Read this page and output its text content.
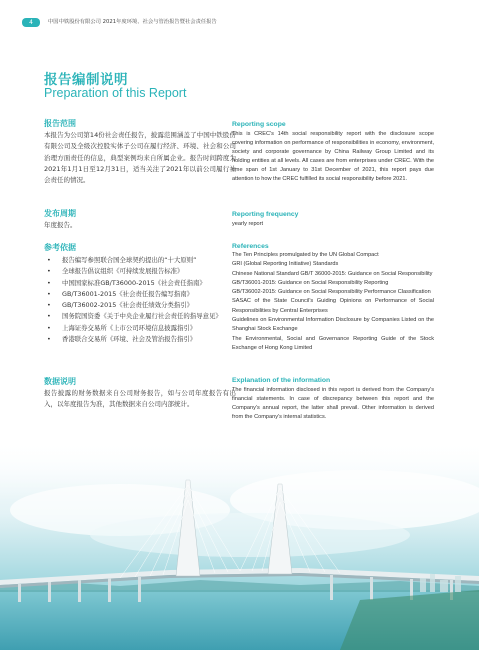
4	中国中铁股份有限公司 2021年度环境、社会与管治报告暨社会责任报告
报告编制说明
Preparation of this Report
报告范围
本报告为公司第14份社会责任报告，披露范围涵盖了中国中铁股份有限公司及全级次控股实体子公司在履行经济、环境、社会和公司治理方面责任的信息，典型案例均来自所属企业。报告时间跨度为2021年1月1日至12月31日，适当关注了2021年以前公司履行社会责任的情况。
Reporting scope
This is CREC's 14th social responsibility report with the disclosure scope covering information on performance of responsibilities in economy, environment, society and corporate governance by China Railway Group Limited and its holding entities at all levels. All cases are from enterprises under CREC. With the time span of 1st January to 31st December of 2021, this report pays due attention to how the CREC fulfilled its social responsibility before 2021.
发布周期
年度报告。
Reporting frequency
yearly report
参考依据
• 报告编写参照联合国全球契约提出的“十大原则”
• 全球报告倡议组织《可持续发展报告标准》
• 中国国家标准GB/T36000-2015《社会责任指南》
• GB/T36001-2015《社会责任报告编写指南》
• GB/T36002-2015《社会责任绩效分类指引》
• 国务院国资委《关于中央企业履行社会责任的指导意见》
• 上海证券交易所《上市公司环境信息披露指引》
• 香港联合交易所《环境、社会及管治报告指引》
References
The Ten Principles promulgated by the UN Global Compact
GRI (Global Reporting Initiative) Standards
Chinese National Standard GB/T 36000-2015: Guidance on Social Responsibility
GB/T36001-2015: Guidance on Social Responsibility Reporting
GB/T36002-2015: Guidance on Social Responsibility Performance Classification
SASAC of the State Council's Guiding Opinions on Performance of Social Responsibilities by Central Enterprises
Guidelines on Environmental Information Disclosure by Companies Listed on the Shanghai Stock Exchange
The Environmental, Social and Governance Reporting Guide of the Stock Exchange of Hong Kong Limited
数据说明
报告披露的财务数据来自公司财务报告，如与公司年度报告有出入，以年度报告为准，其他数据来自公司内部统计。
Explanation of the information
The financial information disclosed in this report is derived from the Company's financial statements. In case of discrepancy between this report and the Company's annual report, the latter shall prevail. Other information is derived from the Company's internal statistics.
